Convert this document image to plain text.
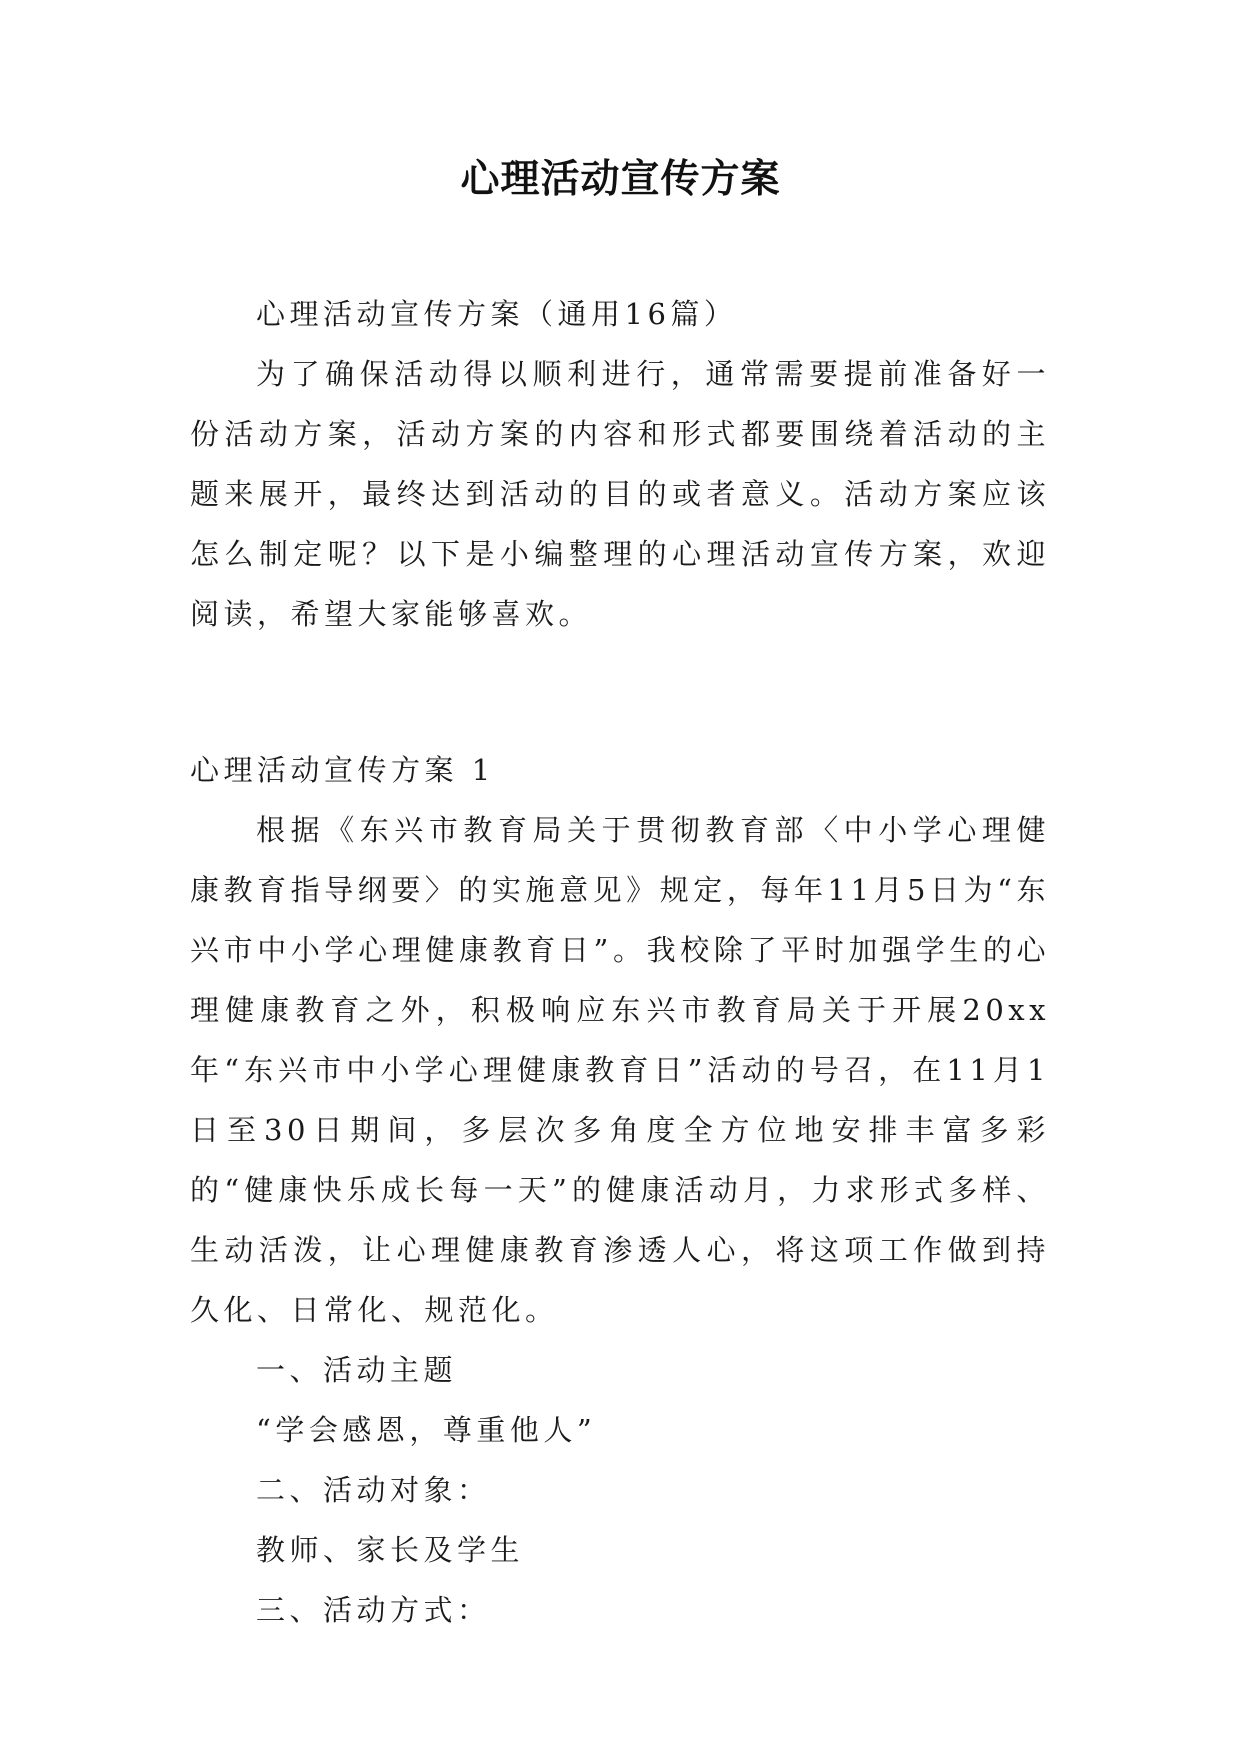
心理活动宣传方案

心理活动宣传方案（通用16篇）

为了确保活动得以顺利进行，通常需要提前准备好一份活动方案，活动方案的内容和形式都要围绕着活动的主题来展开，最终达到活动的目的或者意义。活动方案应该怎么制定呢？以下是小编整理的心理活动宣传方案，欢迎阅读，希望大家能够喜欢。

心理活动宣传方案 1

根据《东兴市教育局关于贯彻教育部〈中小学心理健康教育指导纲要〉的实施意见》规定，每年11月5日为“东兴市中小学心理健康教育日”。我校除了平时加强学生的心理健康教育之外，积极响应东兴市教育局关于开展20xx年“东兴市中小学心理健康教育日”活动的号召，在11月1日至30日期间，多层次多角度全方位地安排丰富多彩的“健康快乐成长每一天”的健康活动月，力求形式多样、生动活泼，让心理健康教育渗透人心，将这项工作做到持久化、日常化、规范化。

一、活动主题

“学会感恩，尊重他人”

二、活动对象：

教师、家长及学生

三、活动方式：
